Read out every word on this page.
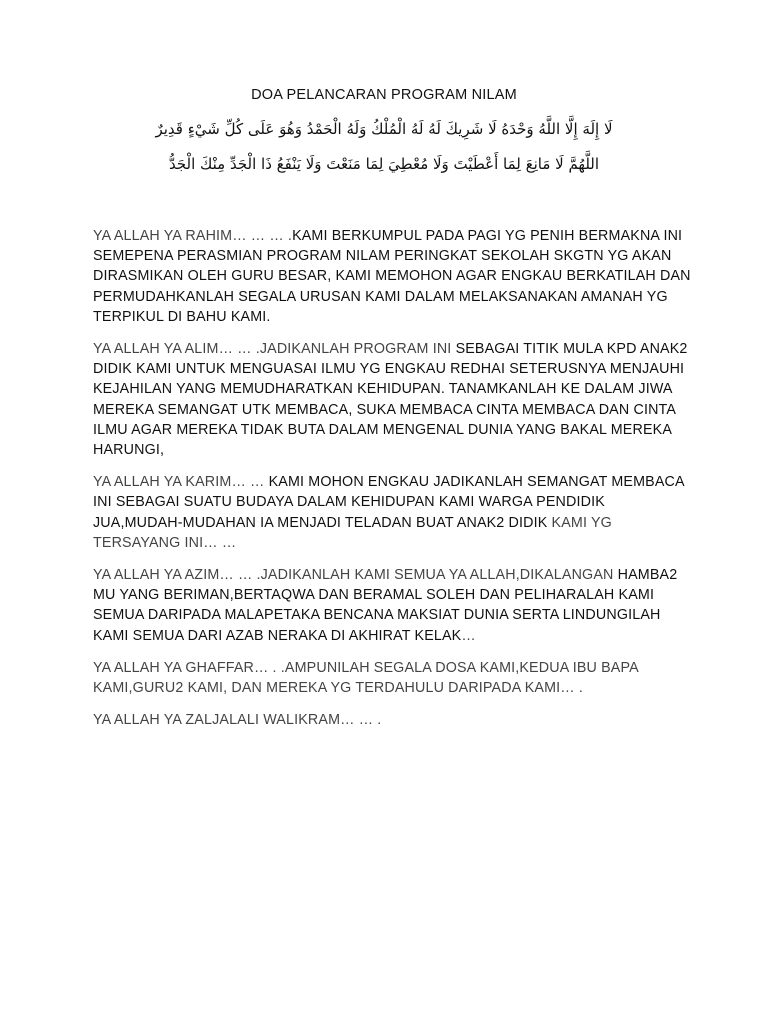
DOA PELANCARAN PROGRAM NILAM
لَا إِلَهَ إِلَّا اللَّهُ وَحْدَهُ لَا شَرِيكَ لَهُ لَهُ الْمُلْكُ وَلَهُ الْحَمْدُ وَهُوَ عَلَى كُلِّ شَيْءٍ قَدِيرٌ
اللَّهُمَّ لَا مَانِعَ لِمَا أَعْطَيْتَ وَلَا مُعْطِيَ لِمَا مَنَعْتَ وَلَا يَنْفَعُ ذَا الْجَدِّ مِنْكَ الْجَدُّ

YA ALLAH YA RAHIM… … … .KAMI BERKUMPUL PADA PAGI YG PENIH BERMAKNA INI SEMEPENA PERASMIAN PROGRAM NILAM PERINGKAT SEKOLAH SKGTN YG AKAN DIRASMIKAN OLEH GURU BESAR, KAMI MEMOHON AGAR ENGKAU BERKATILAH DAN PERMUDAHKANLAH SEGALA URUSAN KAMI DALAM MELAKSANAKAN AMANAH YG TERPIKUL DI BAHU KAMI.

YA ALLAH YA ALIM… … .JADIKANLAH PROGRAM INI SEBAGAI TITIK MULA KPD ANAK2 DIDIK KAMI UNTUK MENGUASAI ILMU YG ENGKAU REDHAI SETERUSNYA MENJAUHI KEJAHILAN YANG MEMUDHARATKAN KEHIDUPAN. TANAMKANLAH KE DALAM JIWA MEREKA SEMANGAT UTK MEMBACA, SUKA MEMBACA CINTA MEMBACA DAN CINTA ILMU AGAR MEREKA TIDAK BUTA DALAM MENGENAL DUNIA YANG BAKAL MEREKA HARUNGI,

YA ALLAH YA KARIM… … KAMI MOHON ENGKAU JADIKANLAH SEMANGAT MEMBACA INI SEBAGAI SUATU BUDAYA DALAM KEHIDUPAN KAMI WARGA PENDIDIK JUA,MUDAH-MUDAHAN IA MENJADI TELADAN BUAT ANAK2 DIDIK KAMI YG TERSAYANG INI… …

YA ALLAH YA AZIM… … .JADIKANLAH KAMI SEMUA YA ALLAH,DIKALANGAN HAMBA2 MU YANG BERIMAN,BERTAQWA DAN BERAMAL SOLEH DAN PELIHARALAH KAMI SEMUA DARIPADA MALAPETAKA BENCANA MAKSIAT DUNIA SERTA LINDUNGILAH KAMI SEMUA DARI AZAB NERAKA DI AKHIRAT KELAK…

YA ALLAH YA GHAFFAR… . .AMPUNILAH SEGALA DOSA KAMI,KEDUA IBU BAPA KAMI,GURU2 KAMI, DAN MEREKA YG TERDAHULU DARIPADA KAMI… .

YA ALLAH YA ZALJALALI WALIKRAM… … .
